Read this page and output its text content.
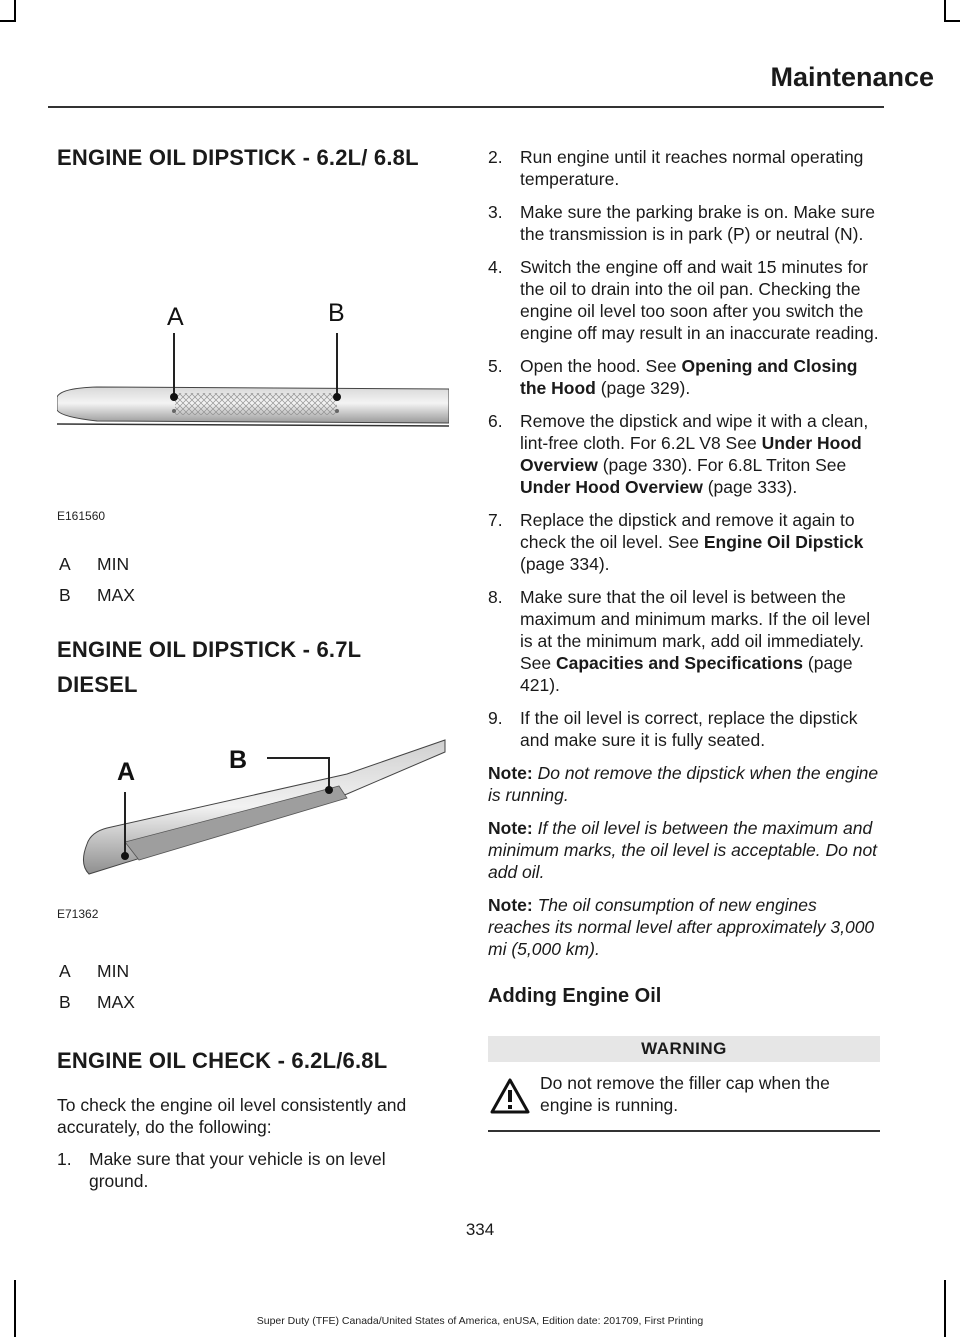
Maintenance
ENGINE OIL DIPSTICK - 6.2L/ 6.8L
A	B
E161560
A	MIN
B	MAX
ENGINE OIL DIPSTICK - 6.7L DIESEL
A	B
E71362
A	MIN
B	MAX
ENGINE OIL CHECK - 6.2L/6.8L

To check the engine oil level consistently and accurately, do the following:

1. Make sure that your vehicle is on level ground.
2. Run engine until it reaches normal operating temperature.
3. Make sure the parking brake is on. Make sure the transmission is in park (P) or neutral (N).
4. Switch the engine off and wait 15 minutes for the oil to drain into the oil pan. Checking the engine oil level too soon after you switch the engine off may result in an inaccurate reading.
5. Open the hood. See Opening and Closing the Hood (page 329).
6. Remove the dipstick and wipe it with a clean, lint-free cloth. For 6.2L V8 See Under Hood Overview (page 330). For 6.8L Triton See Under Hood Overview (page 333).
7. Replace the dipstick and remove it again to check the oil level. See Engine Oil Dipstick (page 334).
8. Make sure that the oil level is between the maximum and minimum marks. If the oil level is at the minimum mark, add oil immediately. See Capacities and Specifications (page 421).
9. If the oil level is correct, replace the dipstick and make sure it is fully seated.

Note: Do not remove the dipstick when the engine is running.

Note: If the oil level is between the maximum and minimum marks, the oil level is acceptable. Do not add oil.

Note: The oil consumption of new engines reaches its normal level after approximately 3,000 mi (5,000 km).

Adding Engine Oil
WARNING
Do not remove the filler cap when the engine is running.
334
Super Duty (TFE) Canada/United States of America, enUSA, Edition date: 201709, First Printing
